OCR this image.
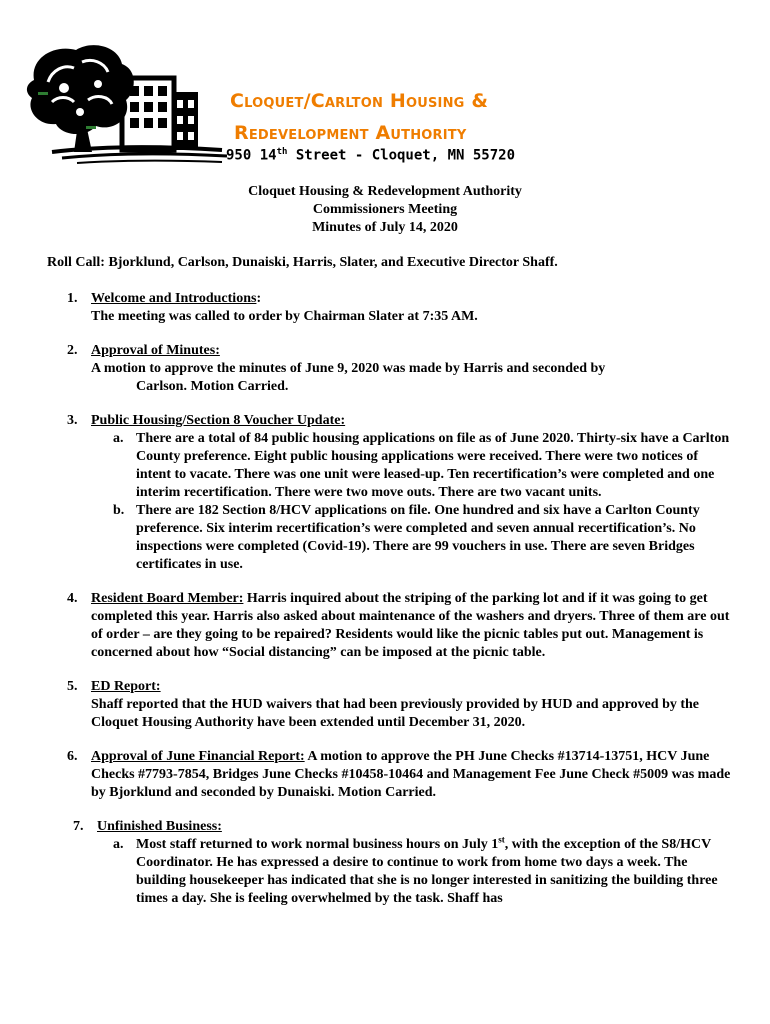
Cloquet/Carlton Housing &
Redevelopment Authority
950 14th Street - Cloquet, MN 55720
Cloquet Housing & Redevelopment Authority
Commissioners Meeting
Minutes of July 14, 2020
Roll Call: Bjorklund, Carlson, Dunaiski, Harris, Slater, and Executive Director Shaff.
1. Welcome and Introductions:
The meeting was called to order by Chairman Slater at 7:35 AM.
2. Approval of Minutes:
A motion to approve the minutes of June 9, 2020 was made by Harris and seconded by
Carlson. Motion Carried.
3. Public Housing/Section 8 Voucher Update:
a. There are a total of 84 public housing applications on file as of June 2020. Thirty-six have a Carlton County preference. Eight public housing applications were received. There were two notices of intent to vacate. There was one unit were leased-up. Ten recertification’s were completed and one interim recertification. There were two move outs. There are two vacant units.
b. There are 182 Section 8/HCV applications on file. One hundred and six have a Carlton County preference. Six interim recertification’s were completed and seven annual recertification’s. No inspections were completed (Covid-19). There are 99 vouchers in use. There are seven Bridges certificates in use.
4. Resident Board Member: Harris inquired about the striping of the parking lot and if it was going to get completed this year. Harris also asked about maintenance of the washers and dryers. Three of them are out of order – are they going to be repaired? Residents would like the picnic tables put out. Management is concerned about how “Social distancing” can be imposed at the picnic table.
5. ED Report:
Shaff reported that the HUD waivers that had been previously provided by HUD and approved by the Cloquet Housing Authority have been extended until December 31, 2020.
6. Approval of June Financial Report: A motion to approve the PH June Checks #13714-13751, HCV June Checks #7793-7854, Bridges June Checks #10458-10464 and Management Fee June Check #5009 was made by Bjorklund and seconded by Dunaiski. Motion Carried.
7. Unfinished Business:
a. Most staff returned to work normal business hours on July 1st, with the exception of the S8/HCV Coordinator. He has expressed a desire to continue to work from home two days a week. The building housekeeper has indicated that she is no longer interested in sanitizing the building three times a day. She is feeling overwhelmed by the task. Shaff has
